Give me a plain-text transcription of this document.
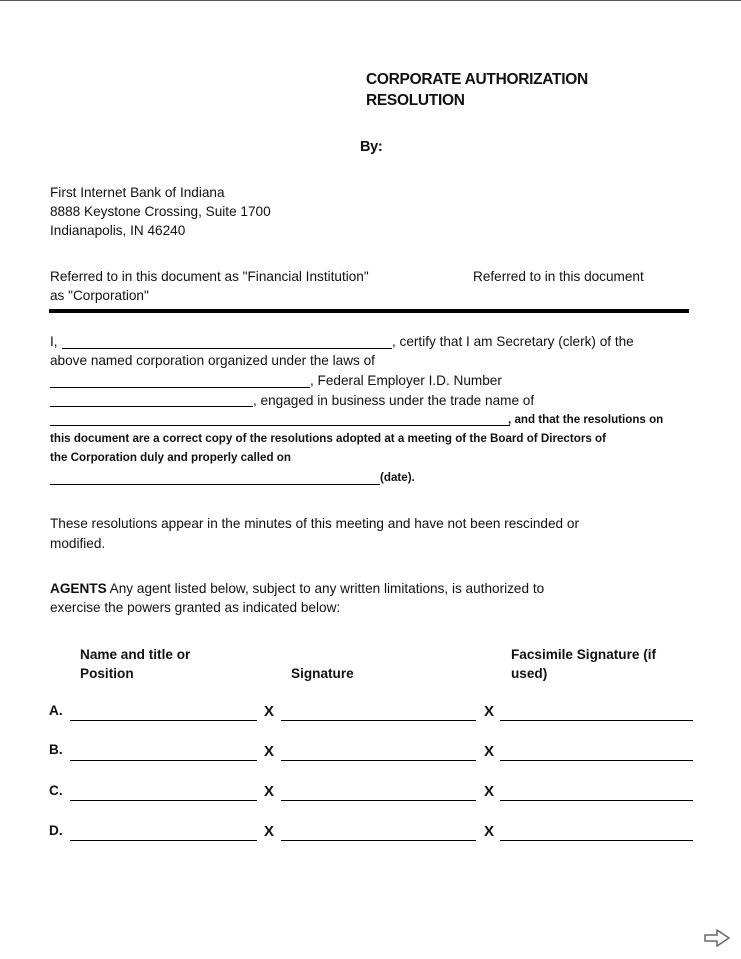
CORPORATE AUTHORIZATION
RESOLUTION
By:
First Internet Bank of Indiana
8888 Keystone Crossing, Suite 1700
Indianapolis, IN 46240
Referred to in this document as "Financial Institution"	Referred to in this document
as "Corporation"
I,	, certify that I am Secretary (clerk) of the
above named corporation organized under the laws of
, Federal Employer I.D. Number
, engaged in business under the trade name of
, and that the resolutions on
this document are a correct copy of the resolutions adopted at a meeting of the Board of Directors of
the Corporation duly and properly called on
(date).
These resolutions appear in the minutes of this meeting and have not been rescinded or
modified.
AGENTS Any agent listed below, subject to any written limitations, is authorized to
exercise the powers granted as indicated below:
Name and title or
Position	Signature
Facsimile Signature (if
used)
A.	X	X
B.	X	X
C.	X	X
D.	X	X
